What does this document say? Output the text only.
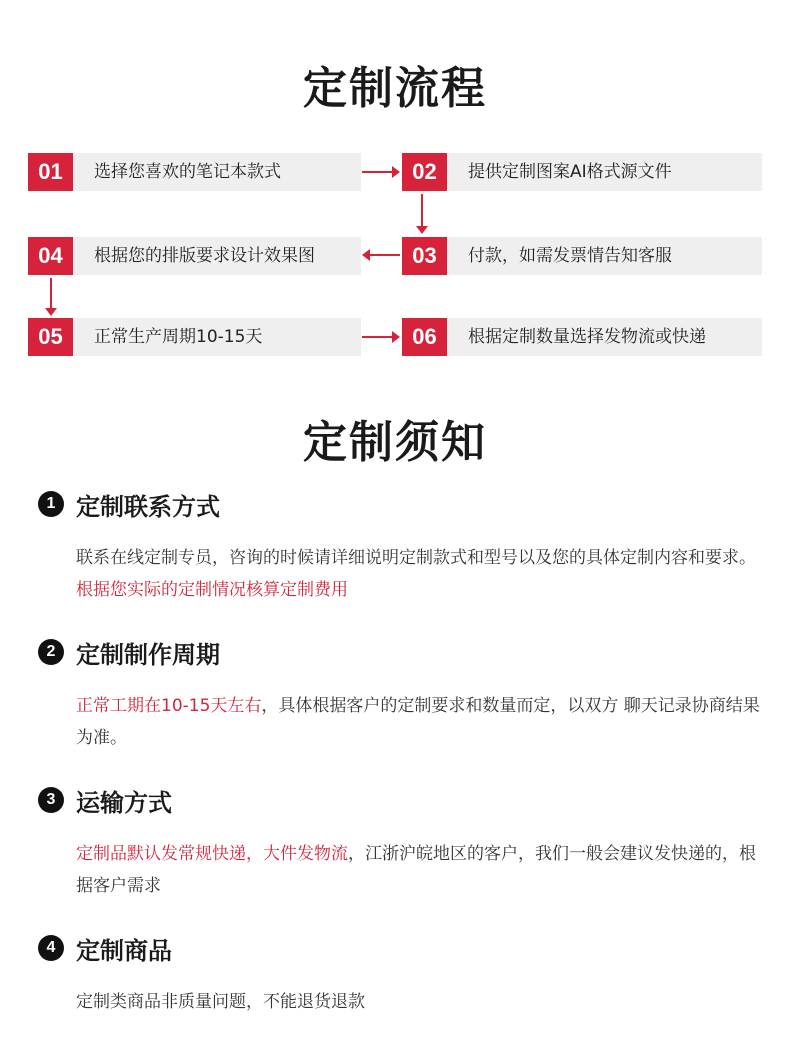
定制流程
01	选择您喜欢的笔记本款式	02	提供定制图案AI格式源文件
03	付款，如需发票情告知客服
04	根据您的排版要求设计效果图
05	正常生产周期10-15天	06	根据定制数量选择发物流或快递
定制须知
1 定制联系方式
联系在线定制专员，咨询的时候请详细说明定制款式和型号以及您的具体定制内容和要求。根据您实际的定制情况核算定制费用
2 定制制作周期
正常工期在10-15天左右，具体根据客户的定制要求和数量而定，以双方 聊天记录协商结果为准。
3 运输方式
定制品默认发常规快递，大件发物流，江浙沪皖地区的客户，我们一般会建议发快递的，根据客户需求
4 定制商品
定制类商品非质量问题，不能退货退款
